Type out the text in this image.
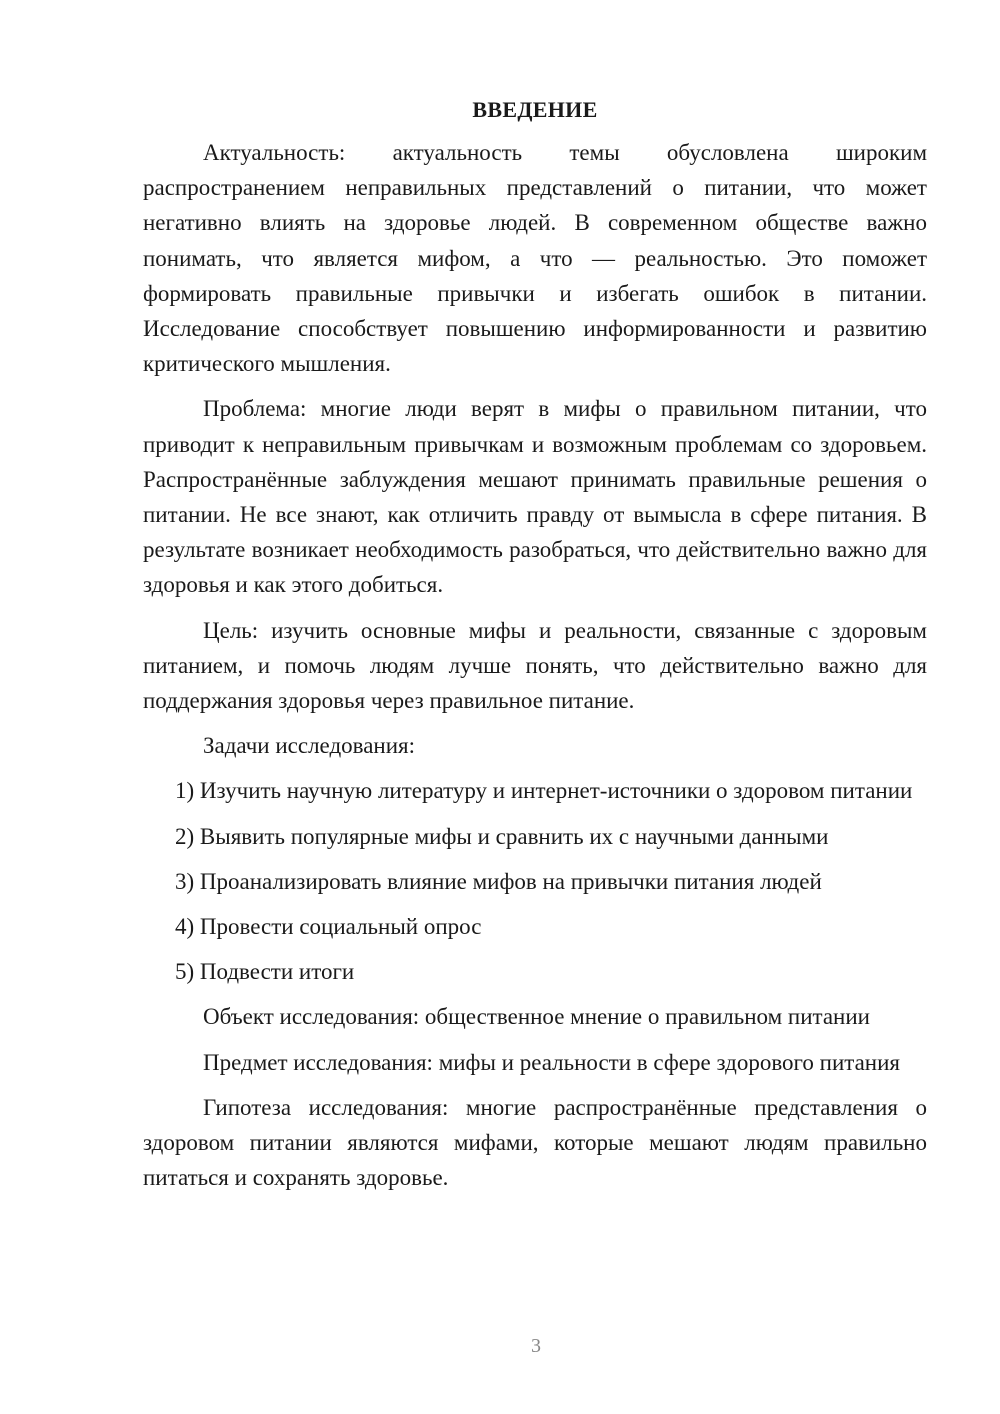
ВВЕДЕНИЕ

Актуальность: актуальность темы обусловлена широким распространением неправильных представлений о питании, что может негативно влиять на здоровье людей. В современном обществе важно понимать, что является мифом, а что — реальностью. Это поможет формировать правильные привычки и избегать ошибок в питании. Исследование способствует повышению информированности и развитию критического мышления.

Проблема: многие люди верят в мифы о правильном питании, что приводит к неправильным привычкам и возможным проблемам со здоровьем. Распространённые заблуждения мешают принимать правильные решения о питании. Не все знают, как отличить правду от вымысла в сфере питания. В результате возникает необходимость разобраться, что действительно важно для здоровья и как этого добиться.

Цель: изучить основные мифы и реальности, связанные с здоровым питанием, и помочь людям лучше понять, что действительно важно для поддержания здоровья через правильное питание.

Задачи исследования:

1) Изучить научную литературу и интернет-источники о здоровом питании

2) Выявить популярные мифы и сравнить их с научными данными

3) Проанализировать влияние мифов на привычки питания людей

4) Провести социальный опрос

5) Подвести итоги

Объект исследования: общественное мнение о правильном питании

Предмет исследования: мифы и реальности в сфере здорового питания

Гипотеза исследования: многие распространённые представления о здоровом питании являются мифами, которые мешают людям правильно питаться и сохранять здоровье.

3
